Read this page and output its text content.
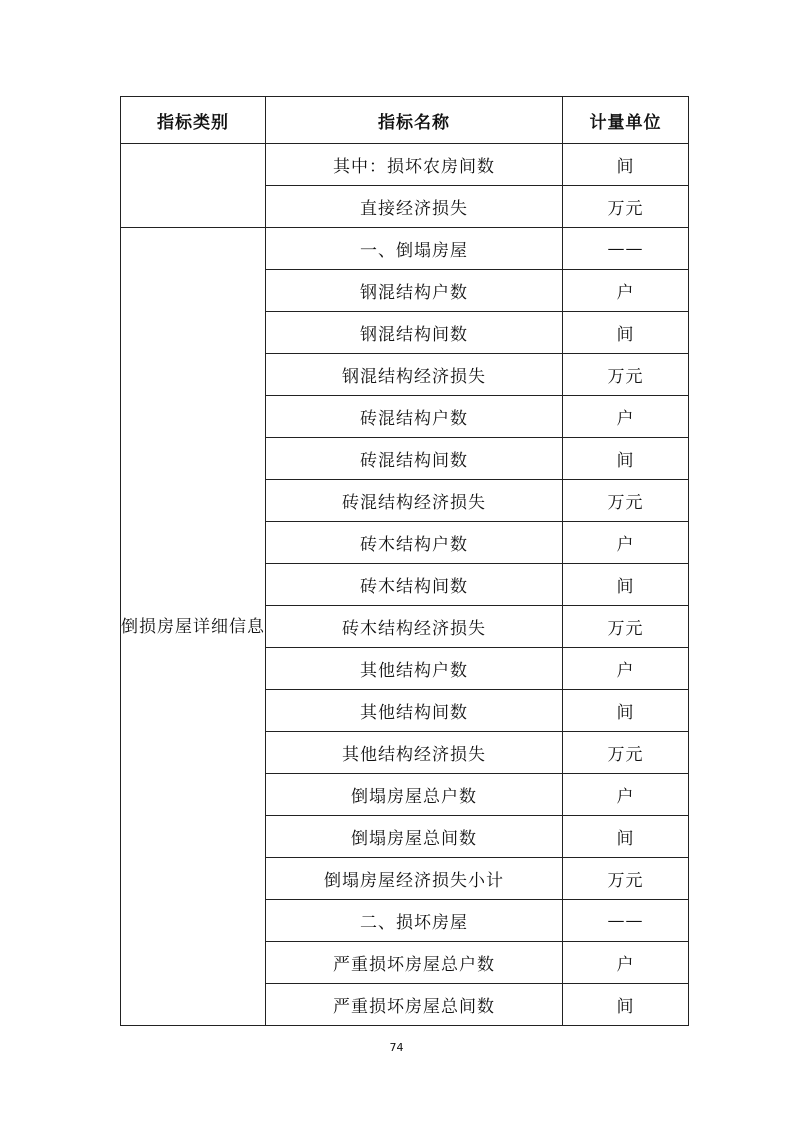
指标类别	指标名称	计量单位
	其中：损坏农房间数	间
	直接经济损失	万元
倒损房屋详细信息	一、倒塌房屋	——
	钢混结构户数	户
	钢混结构间数	间
	钢混结构经济损失	万元
	砖混结构户数	户
	砖混结构间数	间
	砖混结构经济损失	万元
	砖木结构户数	户
	砖木结构间数	间
	砖木结构经济损失	万元
	其他结构户数	户
	其他结构间数	间
	其他结构经济损失	万元
	倒塌房屋总户数	户
	倒塌房屋总间数	间
	倒塌房屋经济损失小计	万元
	二、损坏房屋	——
	严重损坏房屋总户数	户
	严重损坏房屋总间数	间
74
